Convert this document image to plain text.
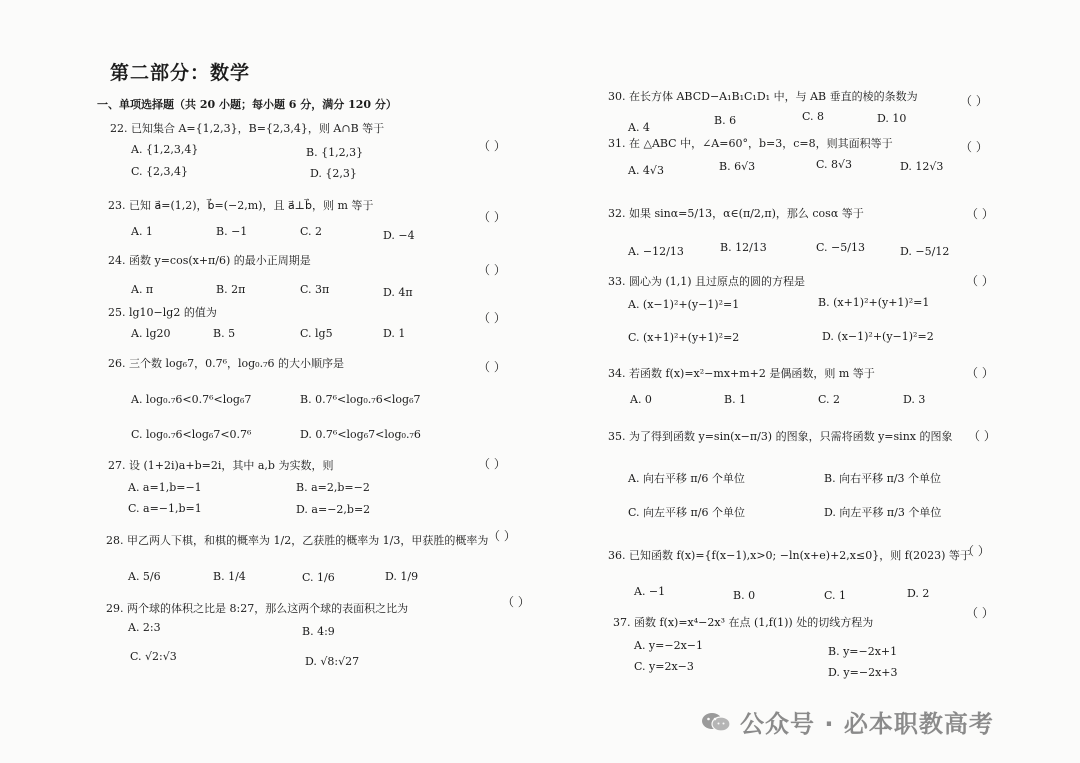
第二部分：数学
一、单项选择题（共 20 小题；每小题 6 分，满分 120 分）
22. 已知集合 A={1,2,3}，B={2,3,4}，则 A∩B 等于
（ ）
A. {1,2,3,4}	B. {1,2,3}
C. {2,3,4}	D. {2,3}
23. 已知 a⃗=(1,2)，b⃗=(−2,m)，且 a⃗⊥b⃗，则 m 等于
（ ）
A. 1	B. −1	C. 2	D. −4
24. 函数 y=cos(x+π/6) 的最小正周期是
（ ）
A. π	B. 2π	C. 3π	D. 4π
25. lg10−lg2 的值为	（ ）
A. lg20	B. 5	C. lg5	D. 1
26. 三个数 log₆7，0.7⁶，log₀.₇6 的大小顺序是	（ ）
A. log₀.₇6<0.7⁶<log₆7	B. 0.7⁶<log₀.₇6<log₆7
C. log₀.₇6<log₆7<0.7⁶	D. 0.7⁶<log₆7<log₀.₇6
27. 设 (1+2i)a+b=2i，其中 a,b 为实数，则	（ ）
A. a=1,b=−1	B. a=2,b=−2
C. a=−1,b=1	D. a=−2,b=2
28. 甲乙两人下棋，和棋的概率为 1/2，乙获胜的概率为 1/3，甲获胜的概率为 （ ）
A. 5/6	B. 1/4	C. 1/6	D. 1/9
29. 两个球的体积之比是 8:27，那么这两个球的表面积之比为	（ ）
A. 2:3	B. 4:9
C. √2:√3	D. √8:√27
30. 在长方体 ABCD−A₁B₁C₁D₁ 中，与 AB 垂直的棱的条数为	（ ）
A. 4
B. 6	C. 8	D. 10
31. 在 △ABC 中，∠A=60°，b=3，c=8，则其面积等于	（ ）
A. 4√3	B. 6√3	C. 8√3	D. 12√3
32. 如果 sinα=5/13，α∈(π/2,π)，那么 cosα 等于	（ ）
A. −12/13	B. 12/13	C. −5/13	D. −5/12
33. 圆心为 (1,1) 且过原点的圆的方程是	（ ）
A. (x−1)²+(y−1)²=1	B. (x+1)²+(y+1)²=1
C. (x+1)²+(y+1)²=2	D. (x−1)²+(y−1)²=2
34. 若函数 f(x)=x²−mx+m+2 是偶函数，则 m 等于	（ ）
A. 0	B. 1	C. 2	D. 3
35. 为了得到函数 y=sin(x−π/3) 的图象，只需将函数 y=sinx 的图象 （ ）
A. 向右平移 π/6 个单位	B. 向右平移 π/3 个单位
C. 向左平移 π/6 个单位	D. 向左平移 π/3 个单位
36. 已知函数 f(x)={f(x−1),x>0; −ln(x+e)+2,x≤0}，则 f(2023) 等于
（ ）
A. −1	B. 0	C. 1	D. 2
37. 函数 f(x)=x⁴−2x³ 在点 (1,f(1)) 处的切线方程为
（ ）
A. y=−2x−1	B. y=−2x+1
C. y=2x−3	D. y=−2x+3
公众号 · 必本职教高考
